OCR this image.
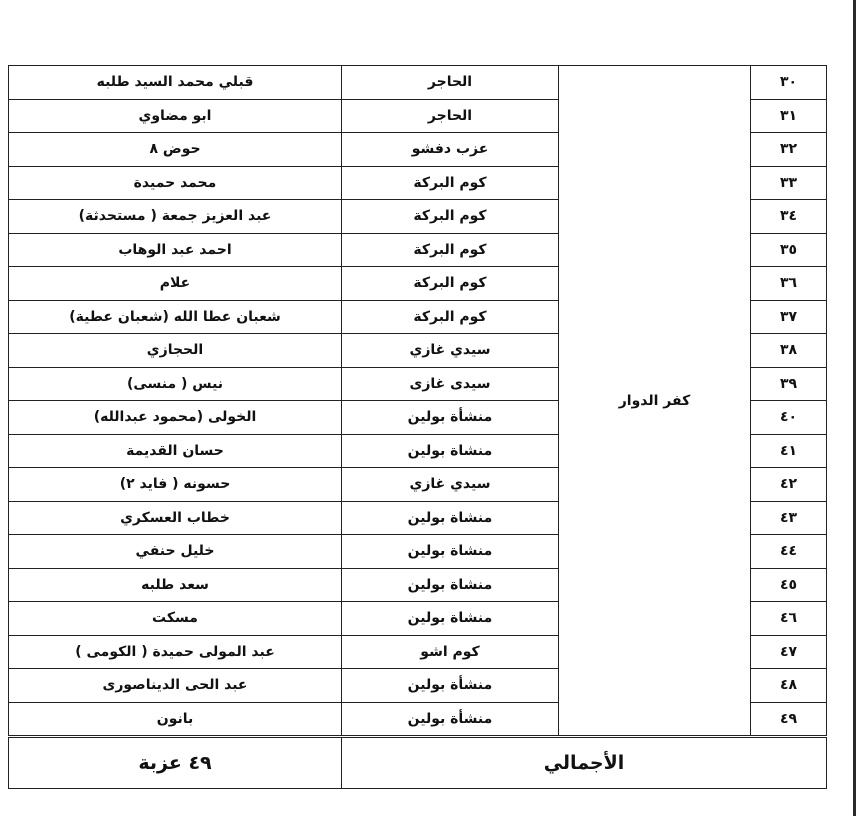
٣٠	كفر الدوار	الحاجر	قبلي محمد السيد طلبه
٣١		الحاجر	ابو مضاوي
٣٢		عزب دفشو	حوض ٨
٣٣		كوم البركة	محمد حميدة
٣٤		كوم البركة	عبد العزيز جمعة ( مستحدثة)
٣٥		كوم البركة	احمد عبد الوهاب
٣٦		كوم البركة	علام
٣٧		كوم البركة	شعبان عطا الله (شعبان عطية)
٣٨		سيدي غازي	الحجازي
٣٩		سيدى غازى	نيس ( منسى)
٤٠		منشأة بولين	الخولى (محمود عبدالله)
٤١		منشاة بولين	حسان القديمة
٤٢		سيدي غازي	حسونه ( فايد ٢)
٤٣		منشاة بولين	خطاب العسكري
٤٤		منشاة بولين	خليل حنفي
٤٥		منشاة بولين	سعد طلبه
٤٦		منشاة بولين	مسكت
٤٧		كوم اشو	عبد المولى حميدة ( الكومى )
٤٨		منشأة بولين	عبد الحى الديناصورى
٤٩		منشأة بولين	بانون
الأجمالي			٤٩ عزبة
